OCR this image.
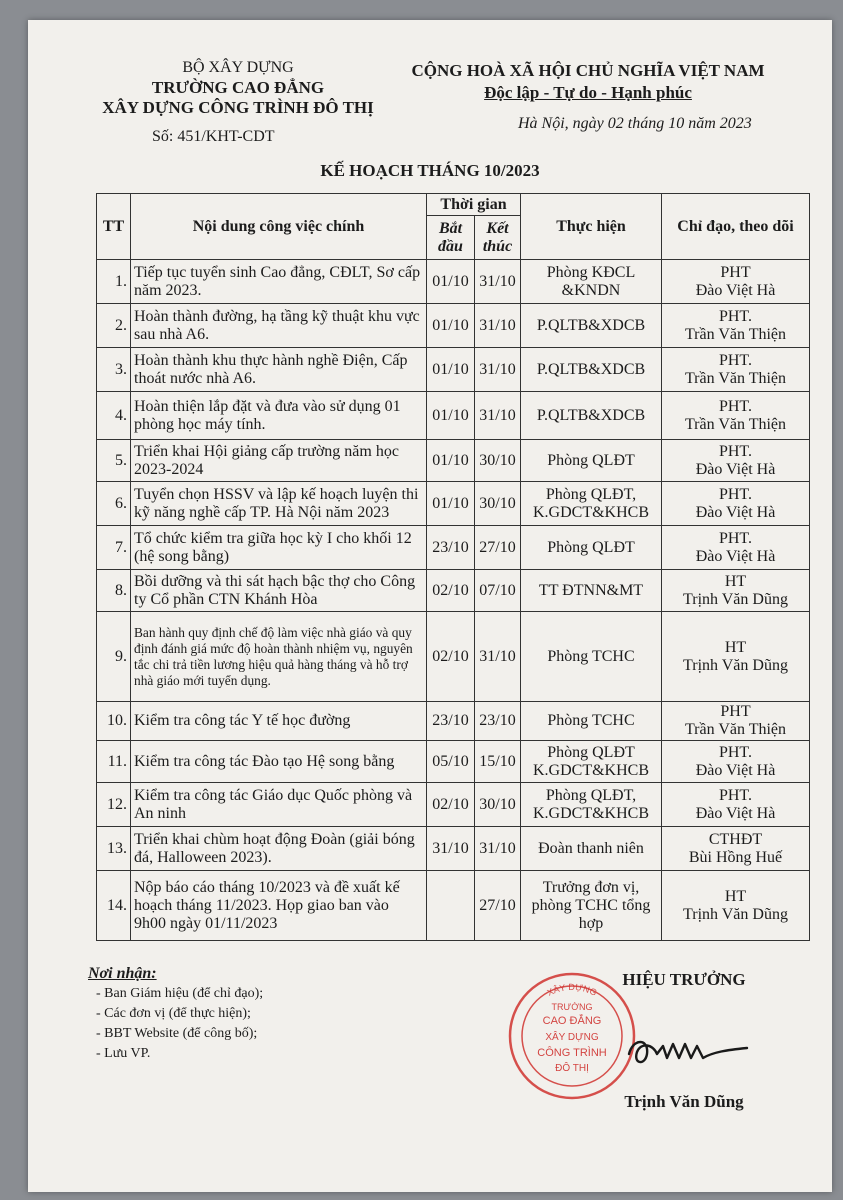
BỘ XÂY DỰNG
TRƯỜNG CAO ĐẲNG
XÂY DỰNG CÔNG TRÌNH ĐÔ THỊ
Số: 451/KHT-CDT
CỘNG HOÀ XÃ HỘI CHỦ NGHĨA VIỆT NAM
Độc lập - Tự do - Hạnh phúc
Hà Nội, ngày 02 tháng 10 năm 2023
KẾ HOẠCH THÁNG 10/2023
TT	Nội dung công việc chính	Thời gian		Thực hiện	Chỉ đạo, theo dõi
		Bắt đầu	Kết thúc		
1.	Tiếp tục tuyển sinh Cao đẳng, CĐLT, Sơ cấp năm 2023.	01/10	31/10	Phòng KĐCL &KNDN	PHT
Đào Việt Hà

2.	Hoàn thành đường, hạ tầng kỹ thuật khu vực sau nhà A6.	01/10	31/10	P.QLTB&XDCB	PHT.
Trần Văn Thiện

3.	Hoàn thành khu thực hành nghề Điện, Cấp thoát nước nhà A6.	01/10	31/10	P.QLTB&XDCB	PHT.
Trần Văn Thiện

4.	Hoàn thiện lắp đặt và đưa vào sử dụng 01 phòng học máy tính.	01/10	31/10	P.QLTB&XDCB	PHT.
Trần Văn Thiện

5.	Triển khai Hội giảng cấp trường năm học 2023-2024	01/10	30/10	Phòng QLĐT	PHT.
Đào Việt Hà

6.	Tuyển chọn HSSV và lập kế hoạch luyện thi kỹ năng nghề cấp TP. Hà Nội năm 2023	01/10	30/10	Phòng QLĐT, K.GDCT&KHCB	PHT.
Đào Việt Hà

7.	Tổ chức kiểm tra giữa học kỳ I cho khối 12 (hệ song bằng)	23/10	27/10	Phòng QLĐT	PHT.
Đào Việt Hà

8.	Bồi dưỡng và thi sát hạch bậc thợ cho Công ty Cổ phần CTN Khánh Hòa	02/10	07/10	TT ĐTNN&MT	HT
Trịnh Văn Dũng

9.	Ban hành quy định chế độ làm việc nhà giáo và quy định đánh giá mức độ hoàn thành nhiệm vụ, nguyên tắc chi trả tiền lương hiệu quả hàng tháng và hỗ trợ nhà giáo mới tuyển dụng.	02/10	31/10	Phòng TCHC	HT
Trịnh Văn Dũng

10.	Kiểm tra công tác Y tế học đường	23/10	23/10	Phòng TCHC	PHT
Trần Văn Thiện

11.	Kiểm tra công tác Đào tạo Hệ song bằng	05/10	15/10	Phòng QLĐT K.GDCT&KHCB	PHT.
Đào Việt Hà

12.	Kiểm tra công tác Giáo dục Quốc phòng và An ninh	02/10	30/10	Phòng QLĐT, K.GDCT&KHCB	PHT.
Đào Việt Hà

13.	Triển khai chùm hoạt động Đoàn (giải bóng đá, Halloween 2023).	31/10	31/10	Đoàn thanh niên	CTHĐT
Bùi Hồng Huế

14.	Nộp báo cáo tháng 10/2023 và đề xuất kế hoạch tháng 11/2023. Họp giao ban vào 9h00 ngày 01/11/2023		27/10	Trưởng đơn vị, phòng TCHC tổng hợp	HT
Trịnh Văn Dũng
Nơi nhận:
- Ban Giám hiệu (để chỉ đạo);
- Các đơn vị (để thực hiện);
- BBT Website (để công bố);
- Lưu VP.
HIỆU TRƯỞNG
XÂY DỰNG
TRƯỜNG
CAO ĐẲNG
XÂY DỰNG
CÔNG TRÌNH
ĐÔ THỊ
Trịnh Văn Dũng
